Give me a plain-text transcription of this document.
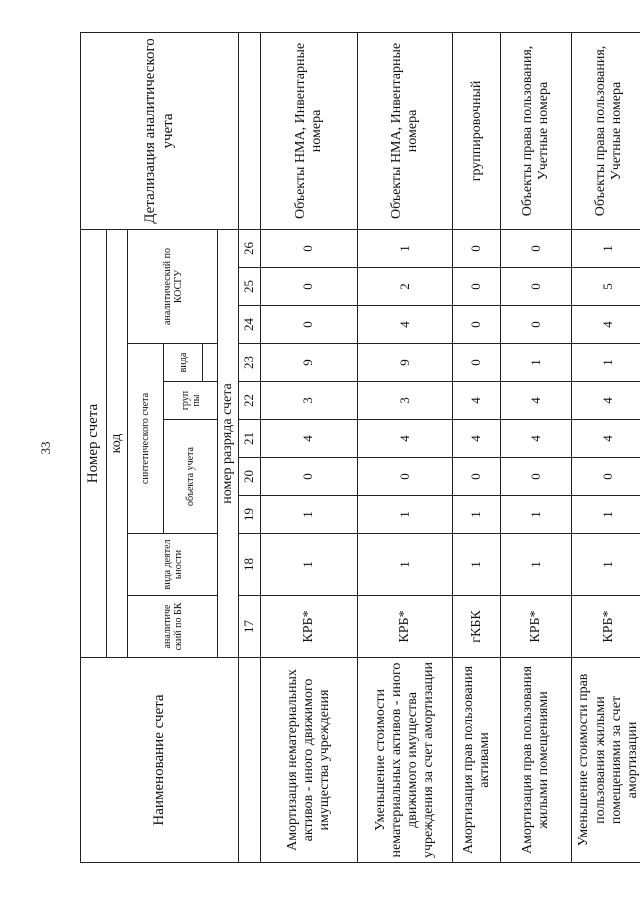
33
Наименование счета	Номер счета										Детализация аналитического учета
	код										
	аналитиче ский по БК	вида деятел ьности	синтетического счета					аналитический по КОСГУ			
			объекта учета			груп пы	вида				

	номер разряда счета										
	17	18	19	20	21	22	23	24	25	26	
Амортизация нематериальных активов - иного движимого имущества учреждения	КРБ*	1	1	0	4	3	9	0	0	0	Объекты НМА, Инвентарные номера
Уменьшение стоимости нематериальных активов - иного движимого имущества учреждения за счет амортизации	КРБ*	1	1	0	4	3	9	4	2	1	Объекты НМА, Инвентарные номера
Амортизация прав пользования активами	гКБК	1	1	0	4	4	0	0	0	0	группировочный
Амортизация прав пользования жилыми помещениями	КРБ*	1	1	0	4	4	1	0	0	0	Объекты права пользования, Учетные номера
Уменьшение стоимости прав пользования жилыми помещениями за счет амортизации	КРБ*	1	1	0	4	4	1	4	5	1	Объекты права пользования, Учетные номера
